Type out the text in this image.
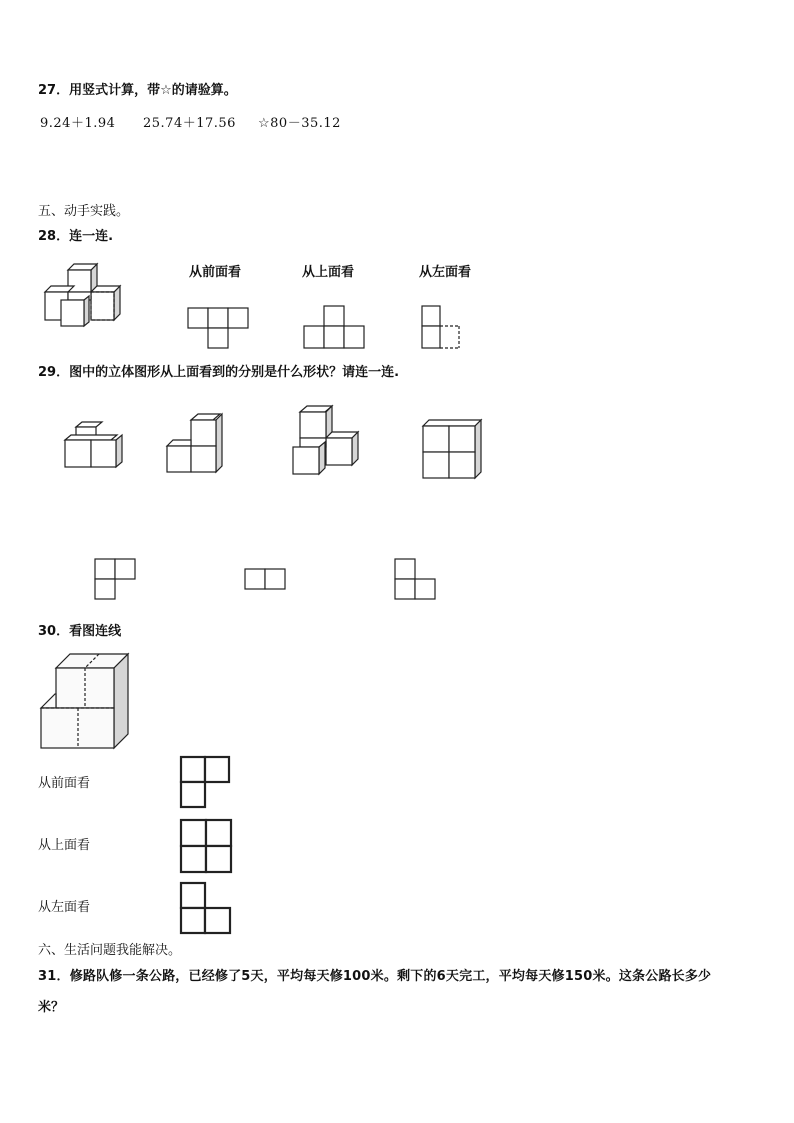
27．用竖式计算，带☆的请验算。
9.24＋1.94 25.74＋17.56 ☆80－35.12
五、动手实践。
28．连一连.
从前面看	从上面看	从左面看
29．图中的立体图形从上面看到的分别是什么形状？请连一连.
30．看图连线
从前面看
从上面看
从左面看
六、生活问题我能解决。
31．修路队修一条公路，已经修了5天，平均每天修100米。剩下的6天完工，平均每天修150米。这条公路长多少
米？
